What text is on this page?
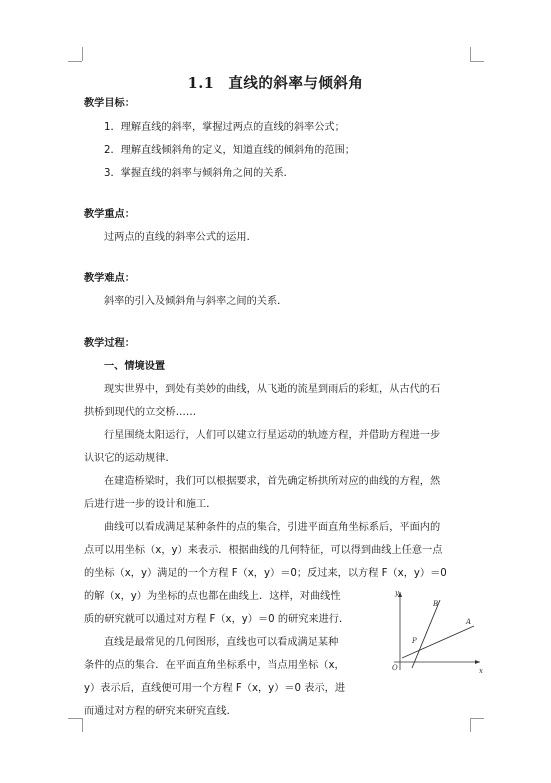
1.1 直线的斜率与倾斜角
教学目标：
1．理解直线的斜率，掌握过两点的直线的斜率公式；
2．理解直线倾斜角的定义，知道直线的倾斜角的范围；
3．掌握直线的斜率与倾斜角之间的关系．
教学重点：
过两点的直线的斜率公式的运用．
教学难点：
斜率的引入及倾斜角与斜率之间的关系．
教学过程：
一、情境设置
现实世界中，到处有美妙的曲线，从飞逝的流星到雨后的彩虹，从古代的石
拱桥到现代的立交桥……
行星围绕太阳运行，人们可以建立行星运动的轨迹方程，并借助方程进一步
认识它的运动规律．
在建造桥梁时，我们可以根据要求，首先确定桥拱所对应的曲线的方程，然
后进行进一步的设计和施工．
曲线可以看成满足某种条件的点的集合，引进平面直角坐标系后，平面内的
点可以用坐标（x，y）来表示．根据曲线的几何特征，可以得到曲线上任意一点
的坐标（x，y）满足的一个方程 F（x，y）＝0；反过来，以方程 F（x，y）＝0
的解（x，y）为坐标的点也都在曲线上．这样，对曲线性
质的研究就可以通过对方程 F（x，y）＝0 的研究来进行．
直线是最常见的几何图形，直线也可以看成满足某种
条件的点的集合．在平面直角坐标系中，当点用坐标（x，
y）表示后，直线便可用一个方程 F（x，y）＝0 表示，进
而通过对方程的研究来研究直线．
y
x
O
P
A
B
